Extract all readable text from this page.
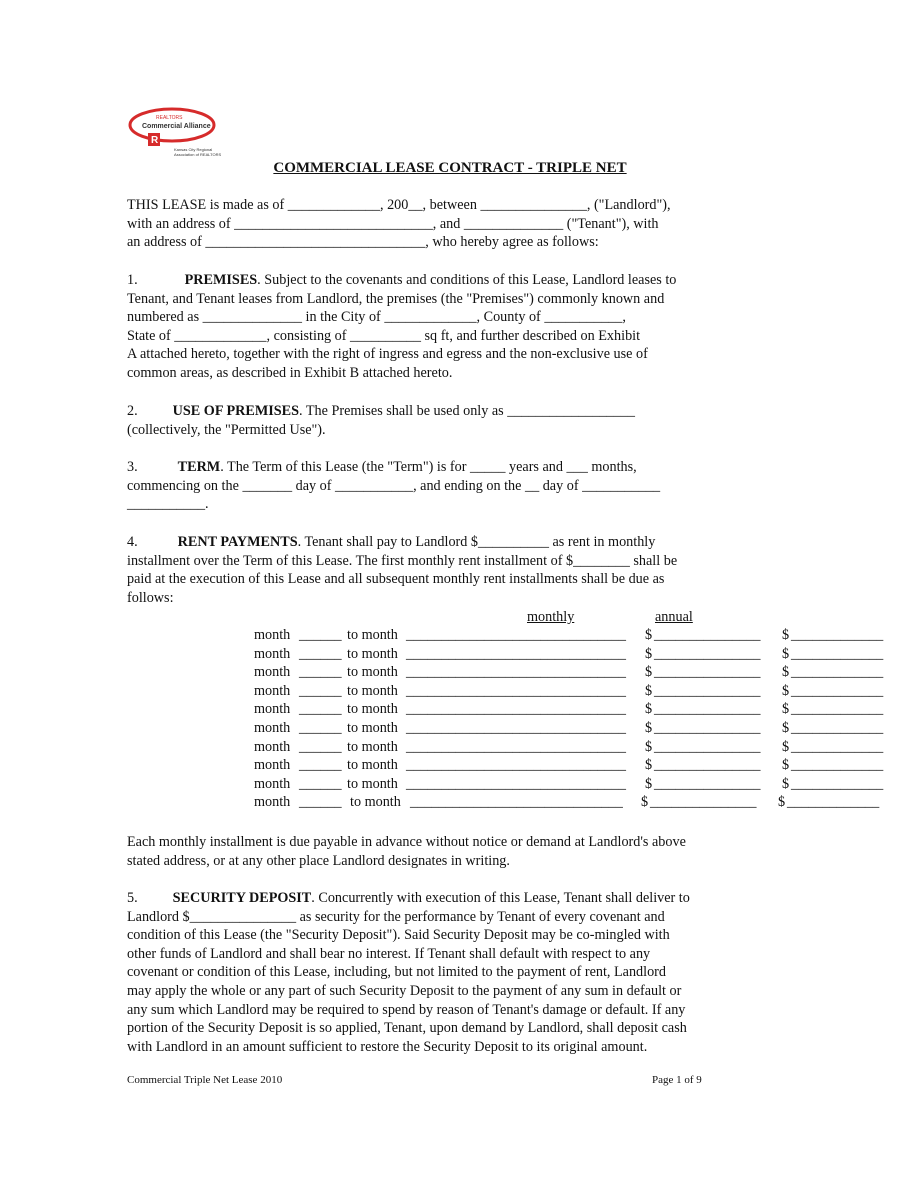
REALTORS
Commercial Alliance
R
Kansas City Regional
Association of REALTORS
COMMERCIAL LEASE CONTRACT - TRIPLE NET
THIS LEASE is made as of _____________, 200__, between _______________, ("Landlord"),
with an address of ____________________________, and ______________ ("Tenant"), with
an address of _______________________________, who hereby agree as follows:
1.	PREMISES. Subject to the covenants and conditions of this Lease, Landlord leases to
Tenant, and Tenant leases from Landlord, the premises (the "Premises") commonly known and
numbered as ______________ in the City of _____________, County of ___________,
State of _____________, consisting of __________ sq ft, and further described on Exhibit
A attached hereto, together with the right of ingress and egress and the non-exclusive use of
common areas, as described in Exhibit B attached hereto.
2. USE OF PREMISES. The Premises shall be used only as __________________
(collectively, the "Permitted Use").
3.	TERM. The Term of this Lease (the "Term") is for _____ years and ___ months,
commencing on the _______ day of ___________, and ending on the __ day of ___________
___________.
4.	RENT PAYMENTS. Tenant shall pay to Landlord $__________ as rent in monthly
installment over the Term of this Lease. The first monthly rent installment of $________ shall be
paid at the execution of this Lease and all subsequent monthly rent installments shall be due as
follows:
monthly	annual
month ______ to month _______________________________ $ _______________ $ _____________
month ______ to month _______________________________ $ _______________ $ _____________
month ______ to month _______________________________ $ _______________ $ _____________
month ______ to month _______________________________ $ _______________ $ _____________
month ______ to month _______________________________ $ _______________ $ _____________
month ______ to month _______________________________ $ _______________ $ _____________
month ______ to month _______________________________ $ _______________ $ _____________
month ______ to month _______________________________ $ _______________ $ _____________
month ______ to month _______________________________ $ _______________ $ _____________
month ______ to month ______________________________ $ _______________ $ _____________
Each monthly installment is due payable in advance without notice or demand at Landlord's above
stated address, or at any other place Landlord designates in writing.
5. SECURITY DEPOSIT. Concurrently with execution of this Lease, Tenant shall deliver to
Landlord $_______________ as security for the performance by Tenant of every covenant and
condition of this Lease (the "Security Deposit"). Said Security Deposit may be co-mingled with
other funds of Landlord and shall bear no interest. If Tenant shall default with respect to any
covenant or condition of this Lease, including, but not limited to the payment of rent, Landlord
may apply the whole or any part of such Security Deposit to the payment of any sum in default or
any sum which Landlord may be required to spend by reason of Tenant's damage or default. If any
portion of the Security Deposit is so applied, Tenant, upon demand by Landlord, shall deposit cash
with Landlord in an amount sufficient to restore the Security Deposit to its original amount.
Commercial Triple Net Lease 2010	Page 1 of 9
